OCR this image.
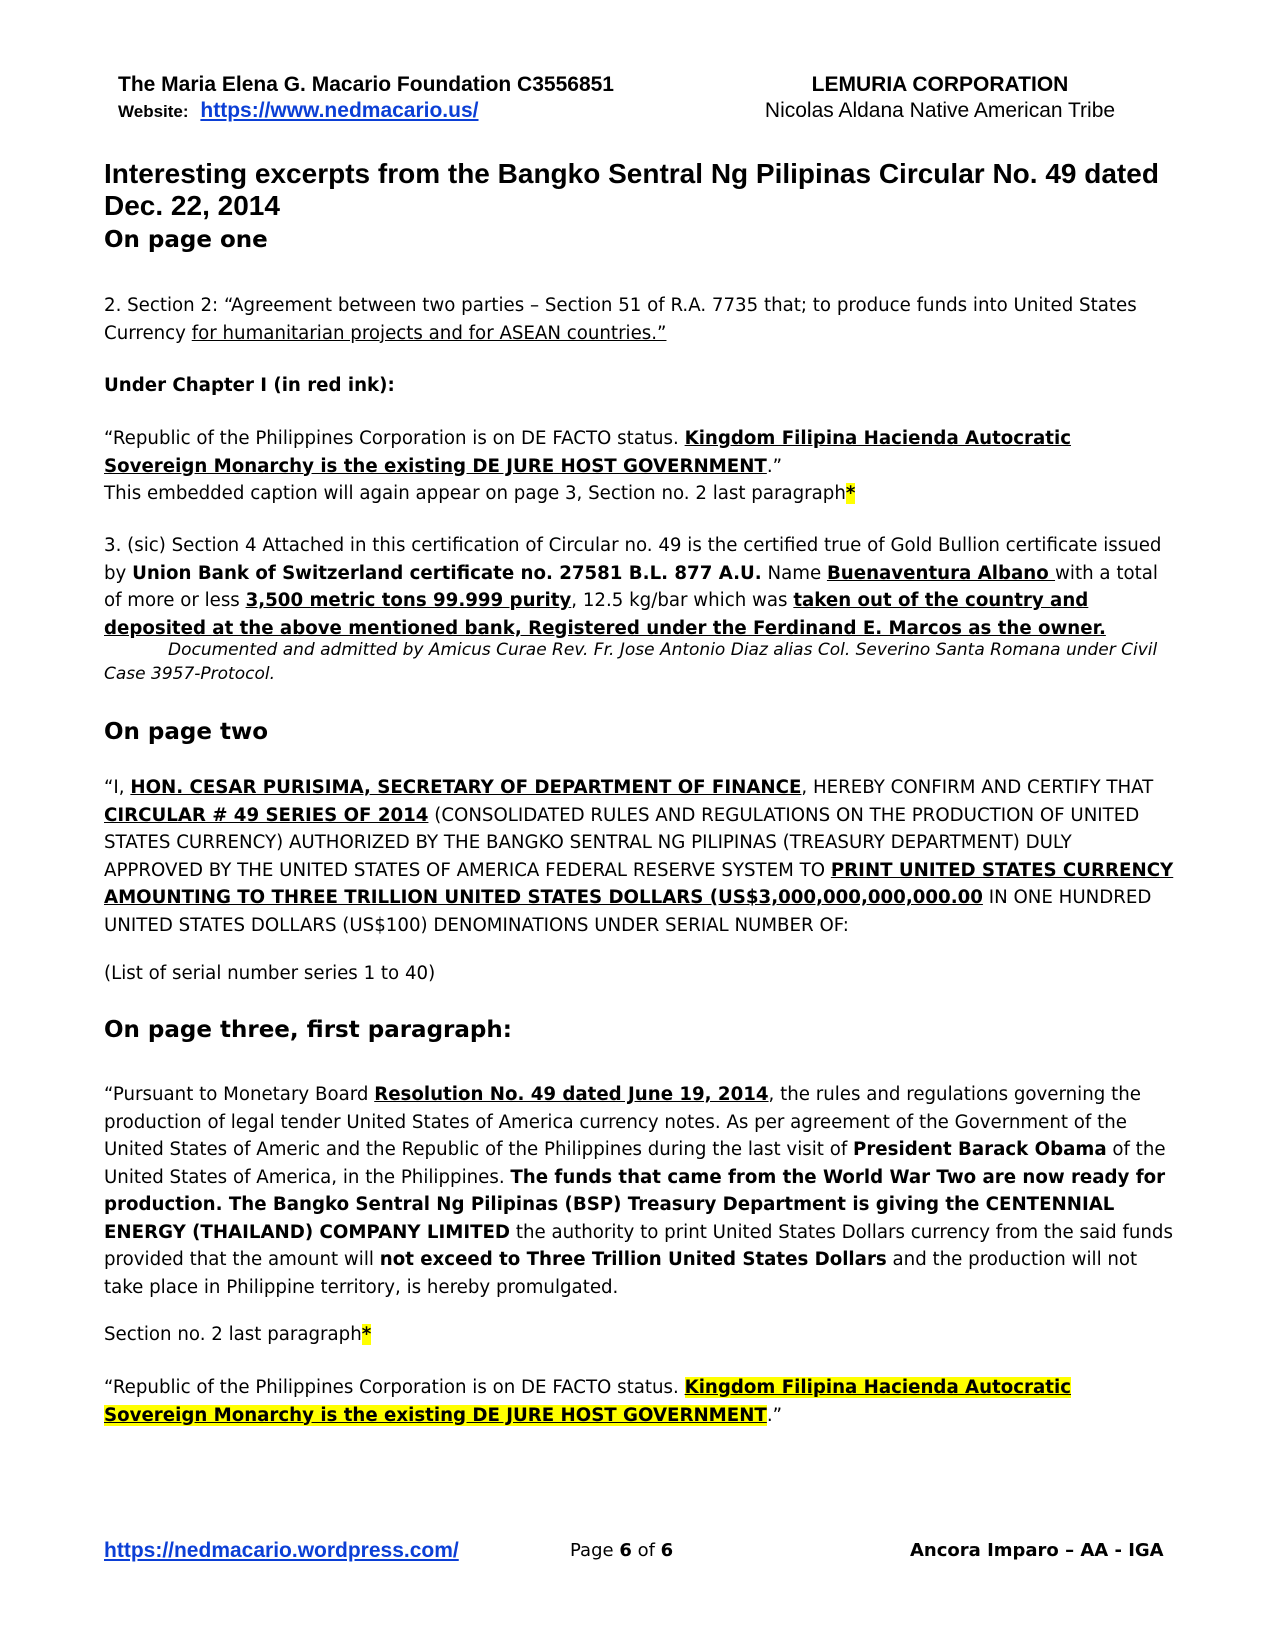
The Maria Elena G. Macario Foundation C3556851
Website: https://www.nedmacario.us/
LEMURIA CORPORATION
Nicolas Aldana Native American Tribe
Interesting excerpts from the Bangko Sentral Ng Pilipinas Circular No. 49 dated Dec. 22, 2014
On page one
2. Section 2: “Agreement between two parties – Section 51 of R.A. 7735 that; to produce funds into United States Currency for humanitarian projects and for ASEAN countries.”
Under Chapter I (in red ink):
“Republic of the Philippines Corporation is on DE FACTO status. Kingdom Filipina Hacienda Autocratic Sovereign Monarchy is the existing DE JURE HOST GOVERNMENT.”
This embedded caption will again appear on page 3, Section no. 2 last paragraph*
3. (sic) Section 4 Attached in this certification of Circular no. 49 is the certified true of Gold Bullion certificate issued by Union Bank of Switzerland certificate no. 27581 B.L. 877 A.U. Name Buenaventura Albano with a total of more or less 3,500 metric tons 99.999 purity, 12.5 kg/bar which was taken out of the country and deposited at the above mentioned bank, Registered under the Ferdinand E. Marcos as the owner.
Documented and admitted by Amicus Curae Rev. Fr. Jose Antonio Diaz alias Col. Severino Santa Romana under Civil Case 3957-Protocol.
On page two
“I, HON. CESAR PURISIMA, SECRETARY OF DEPARTMENT OF FINANCE, HEREBY CONFIRM AND CERTIFY THAT CIRCULAR # 49 SERIES OF 2014 (CONSOLIDATED RULES AND REGULATIONS ON THE PRODUCTION OF UNITED STATES CURRENCY) AUTHORIZED BY THE BANGKO SENTRAL NG PILIPINAS (TREASURY DEPARTMENT) DULY APPROVED BY THE UNITED STATES OF AMERICA FEDERAL RESERVE SYSTEM TO PRINT UNITED STATES CURRENCY AMOUNTING TO THREE TRILLION UNITED STATES DOLLARS (US$3,000,000,000,000.00 IN ONE HUNDRED UNITED STATES DOLLARS (US$100) DENOMINATIONS UNDER SERIAL NUMBER OF:
(List of serial number series 1 to 40)
On page three, first paragraph:
“Pursuant to Monetary Board Resolution No. 49 dated June 19, 2014, the rules and regulations governing the production of legal tender United States of America currency notes. As per agreement of the Government of the United States of Americ and the Republic of the Philippines during the last visit of President Barack Obama of the United States of America, in the Philippines. The funds that came from the World War Two are now ready for production. The Bangko Sentral Ng Pilipinas (BSP) Treasury Department is giving the CENTENNIAL ENERGY (THAILAND) COMPANY LIMITED the authority to print United States Dollars currency from the said funds provided that the amount will not exceed to Three Trillion United States Dollars and the production will not take place in Philippine territory, is hereby promulgated.
Section no. 2 last paragraph*
“Republic of the Philippines Corporation is on DE FACTO status. Kingdom Filipina Hacienda Autocratic Sovereign Monarchy is the existing DE JURE HOST GOVERNMENT.”
https://nedmacario.wordpress.com/	Page 6 of 6	Ancora Imparo – AA - IGA
